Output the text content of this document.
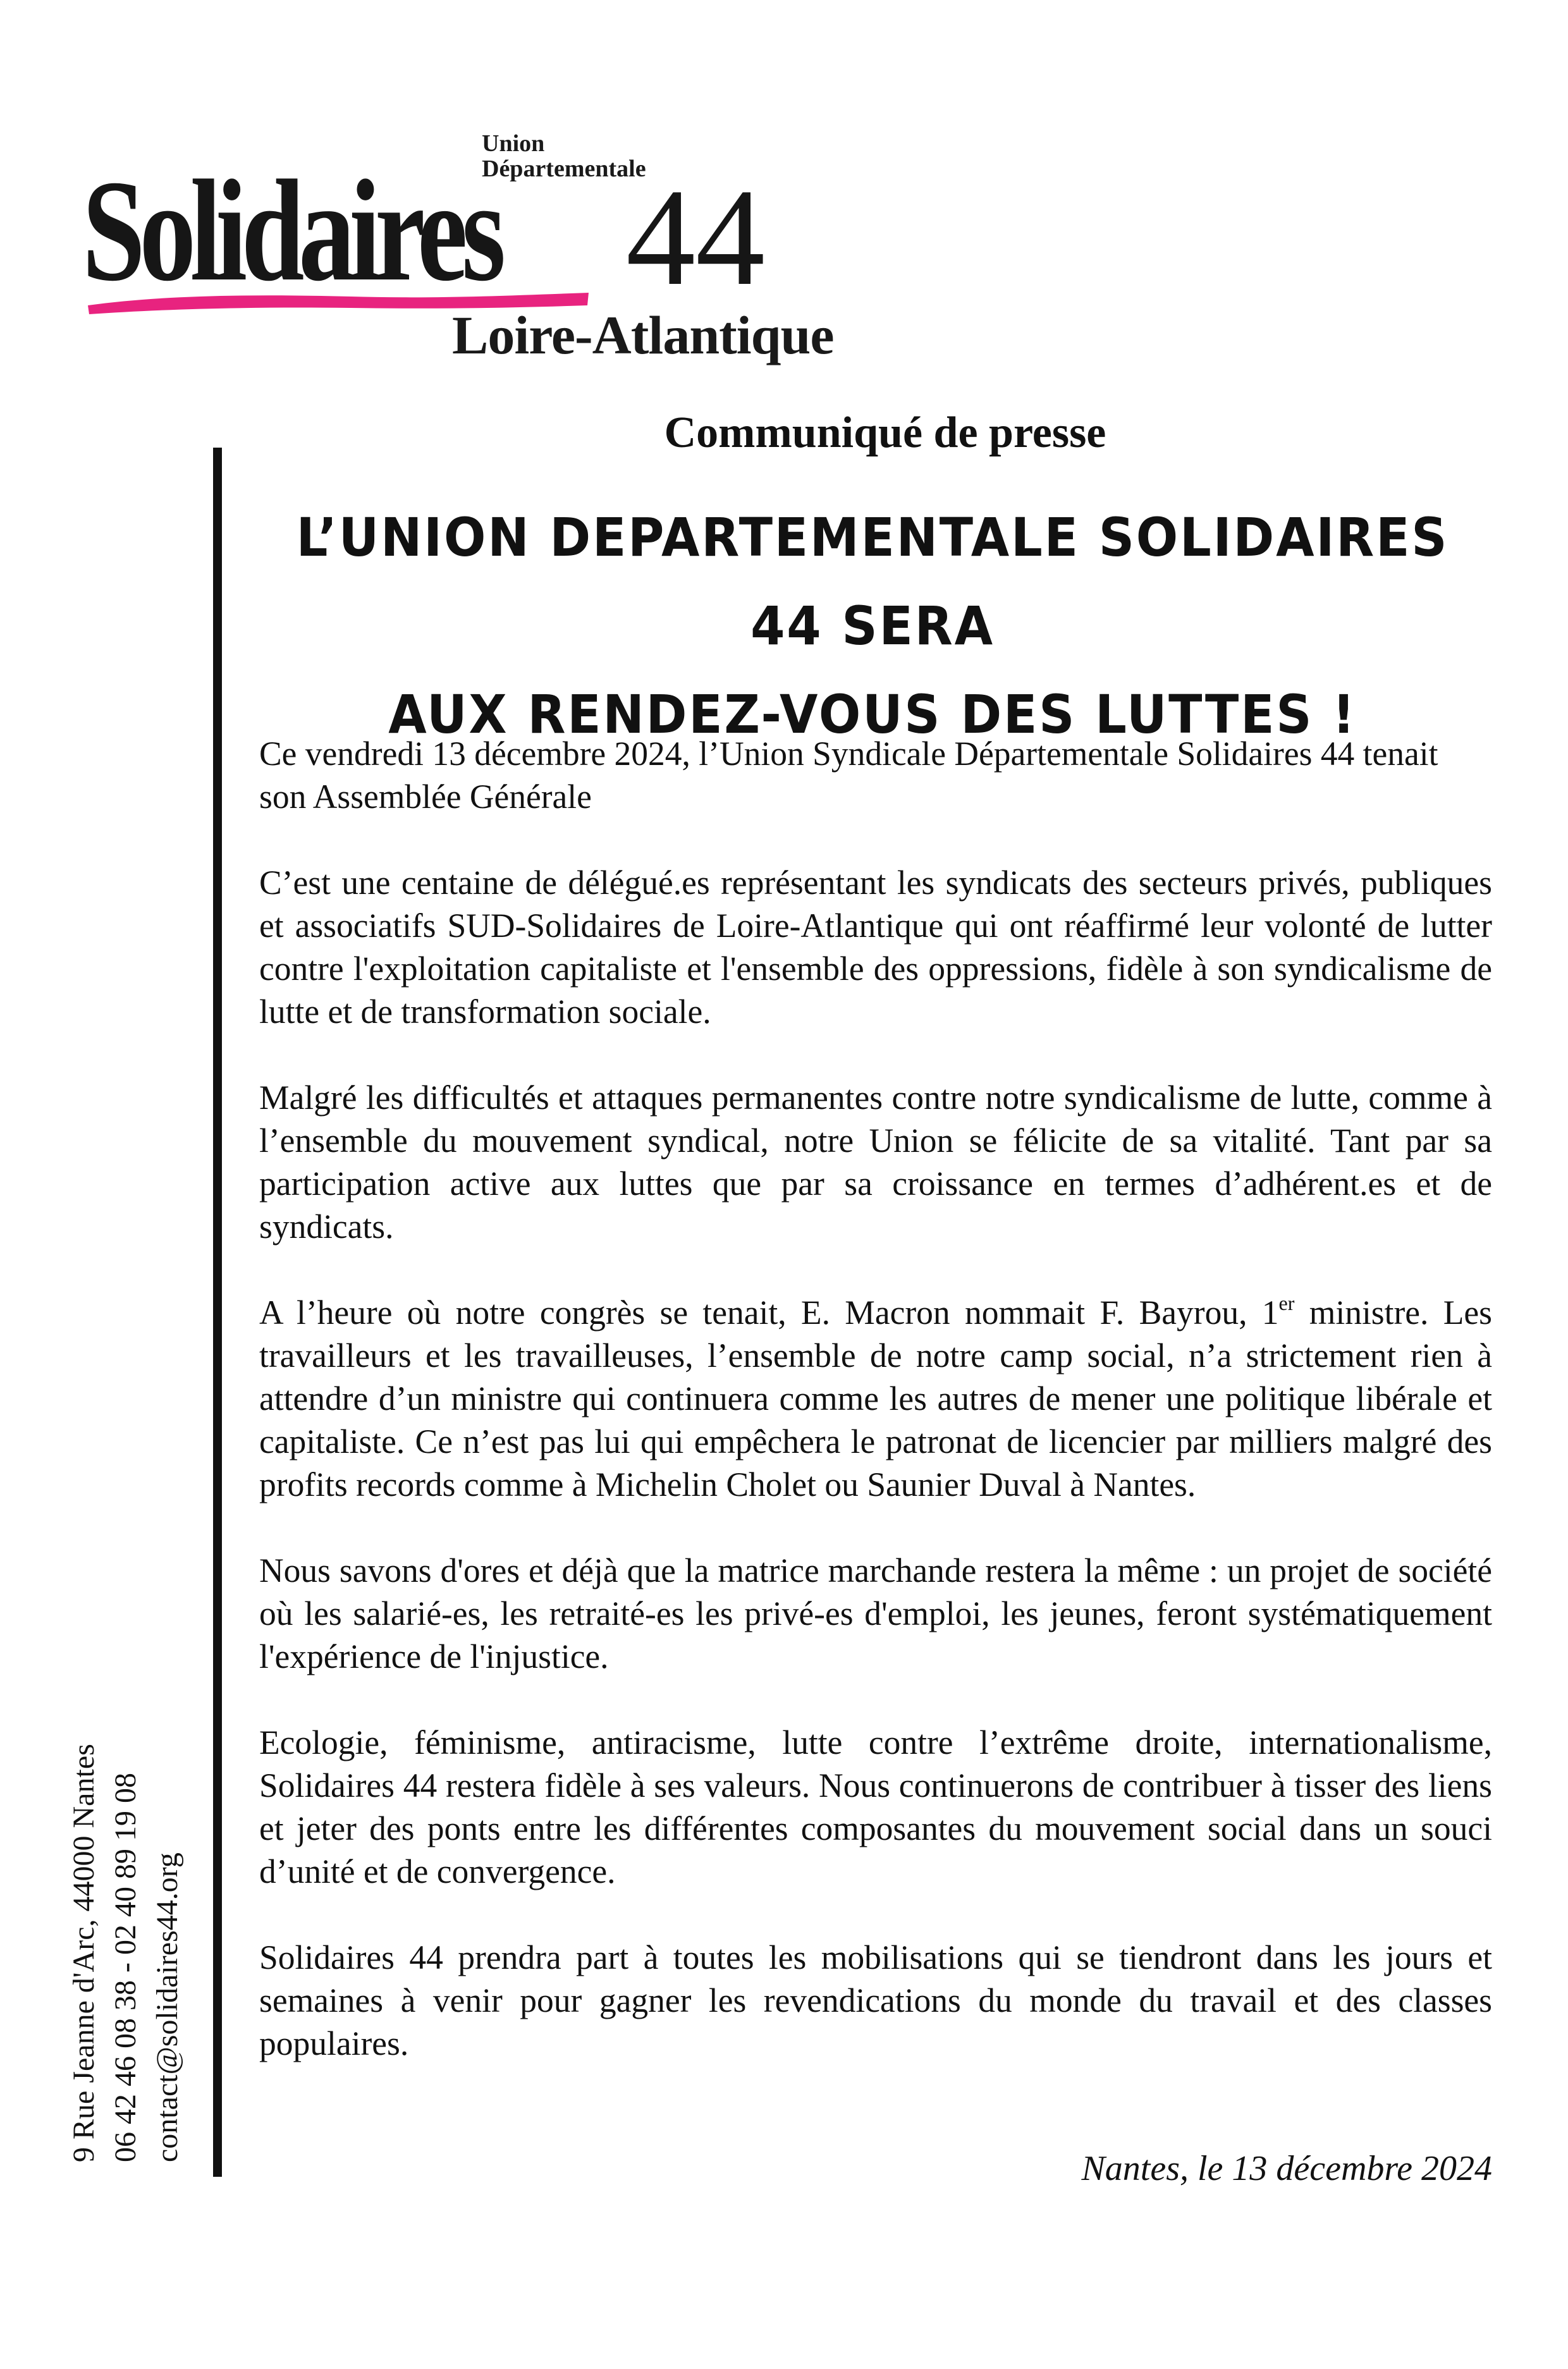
Union
Départementale
Solidaires 44
Loire-Atlantique
9 Rue Jeanne d'Arc, 44000 Nantes 06 42 46 08 38 - 02 40 89 19 08 contact@solidaires44.org
Communiqué de presse
L’UNION DEPARTEMENTALE SOLIDAIRES 44 SERA
AUX RENDEZ-VOUS DES LUTTES !

Ce vendredi 13 décembre 2024, l’Union Syndicale Départementale Solidaires 44 tenait son Assemblée Générale

C’est une centaine de délégué.es représentant les syndicats des secteurs privés, publiques et associatifs SUD-Solidaires de Loire-Atlantique qui ont réaffirmé leur volonté de lutter contre l'exploitation capitaliste et l'ensemble des oppressions, fidèle à son syndicalisme de lutte et de transformation sociale.

Malgré les difficultés et attaques permanentes contre notre syndicalisme de lutte, comme à l’ensemble du mouvement syndical, notre Union se félicite de sa vitalité. Tant par sa participation active aux luttes que par sa croissance en termes d’adhérent.es et de syndicats.

A l’heure où notre congrès se tenait, E. Macron nommait F. Bayrou, 1er ministre. Les travailleurs et les travailleuses, l’ensemble de notre camp social, n’a strictement rien à attendre d’un ministre qui continuera comme les autres de mener une politique libérale et capitaliste. Ce n’est pas lui qui empêchera le patronat de licencier par milliers malgré des profits records comme à Michelin Cholet ou Saunier Duval à Nantes.

Nous savons d'ores et déjà que la matrice marchande restera la même : un projet de société où les salarié-es, les retraité-es les privé-es d'emploi, les jeunes, feront systématiquement l'expérience de l'injustice.

Ecologie, féminisme, antiracisme, lutte contre l’extrême droite, internationalisme, Solidaires 44 restera fidèle à ses valeurs. Nous continuerons de contribuer à tisser des liens et jeter des ponts entre les différentes composantes du mouvement social dans un souci d’unité et de convergence.

Solidaires 44 prendra part à toutes les mobilisations qui se tiendront dans les jours et semaines à venir pour gagner les revendications du monde du travail et des classes populaires.

Nantes, le 13 décembre 2024
